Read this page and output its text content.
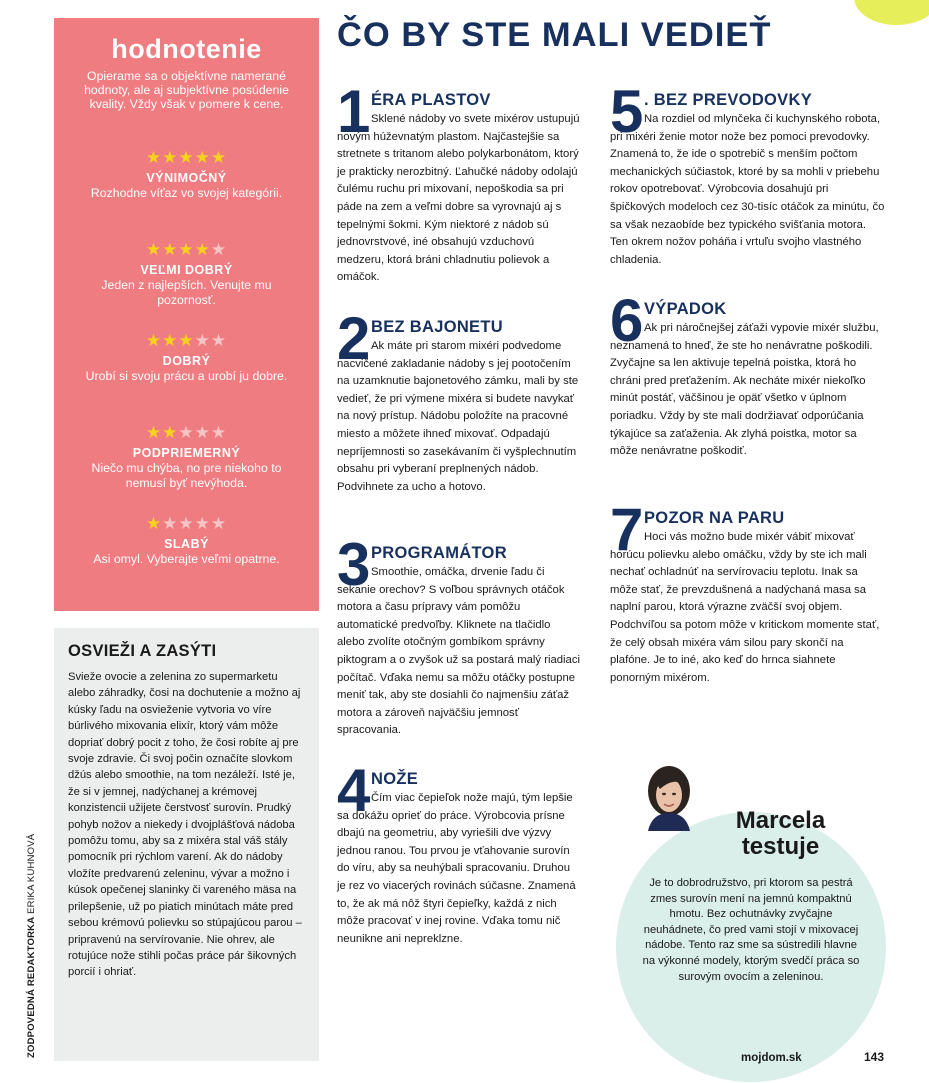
hodnotenie
Opierame sa o objektívne namerané hodnoty, ale aj subjektívne posúdenie kvality. Vždy však v pomere k cene.
★★★★★
VÝNIMOČNÝ
Rozhodne víťaz vo svojej kategórii.
★★★★★
VEĽMI DOBRÝ
Jeden z najlepších. Venujte mu pozornosť.
★★★★★
DOBRÝ
Urobí si svoju prácu a urobí ju dobre.
★★★★★
PODPRIEMERNÝ
Niečo mu chýba, no pre niekoho to nemusí byť nevýhoda.
★★★★★
SLABÝ
Asi omyl. Vyberajte veľmi opatrne.
OSVIEŽI A ZASÝTI

Svieže ovocie a zelenina zo supermarketu alebo záhradky, čosi na dochutenie a možno aj kúsky ľadu na osvieženie vytvoria vo víre búrlivého mixovania elixír, ktorý vám môže dopriať dobrý pocit z toho, že čosi robíte aj pre svoje zdravie. Či svoj počin označíte slovkom džús alebo smoothie, na tom nezáleží. Isté je, že si v jemnej, nadýchanej a krémovej konzistencii užijete čerstvosť surovín. Prudký pohyb nožov a niekedy i dvojplášťová nádoba pomôžu tomu, aby sa z mixéra stal váš stály pomocník pri rýchlom varení. Ak do nádoby vložíte predvarenú zeleninu, vývar a možno i kúsok opečenej slaninky či vareného mäsa na prilepšenie, už po piatich minútach máte pred sebou krémovú polievku so stúpajúcou parou – pripravenú na servírovanie. Nie ohrev, ale rotujúce nože stihli počas práce pár šikovných porcií i ohriať.

ZODPOVEDNÁ REDAKTORKA ERIKA KUHNOVÁ
ČO BY STE MALI VEDIEŤ
1 ÉRA PLASTOV

Sklené nádoby vo svete mixérov ustupujú novým húževnatým plastom. Najčastejšie sa stretnete s tritanom alebo polykarbonátom, ktorý je prakticky nerozbitný. Ľahučké nádoby odolajú čulému ruchu pri mixovaní, nepoškodia sa pri páde na zem a veľmi dobre sa vyrovnajú aj s tepelnými šokmi. Kým niektoré z nádob sú jednovrstvové, iné obsahujú vzduchovú medzeru, ktorá bráni chladnutiu polievok a omáčok.

2 BEZ BAJONETU

Ak máte pri starom mixéri podvedome nacvičené zakladanie nádoby s jej pootočením na uzamknutie bajonetového zámku, mali by ste vedieť, že pri výmene mixéra si budete navykať na nový prístup. Nádobu položíte na pracovné miesto a môžete ihneď mixovať. Odpadajú nepríjemnosti so zasekávaním či vyšplechnutím obsahu pri vyberaní preplnených nádob. Podvihnete za ucho a hotovo.

3 PROGRAMÁTOR

Smoothie, omáčka, drvenie ľadu či sekanie orechov? S voľbou správnych otáčok motora a času prípravy vám pomôžu automatické predvoľby. Kliknete na tlačidlo alebo zvolíte otočným gombíkom správny piktogram a o zvyšok už sa postará malý riadiaci počítač. Vďaka nemu sa môžu otáčky postupne meniť tak, aby ste dosiahli čo najmenšiu záťaž motora a zároveň najväčšiu jemnosť spracovania.

4 NOŽE

Čím viac čepieľok nože majú, tým lepšie sa dokážu oprieť do práce. Výrobcovia prísne dbajú na geometriu, aby vyriešili dve výzvy jednou ranou. Tou prvou je vťahovanie surovín do víru, aby sa neuhýbali spracovaniu. Druhou je rez vo viacerých rovinách súčasne. Znamená to, že ak má nôž štyri čepieľky, každá z nich môže pracovať v inej rovine. Vďaka tomu nič neunikne ani nepreklzne.

5 . BEZ PREVODOVKY

Na rozdiel od mlynčeka či kuchynského robota, pri mixéri ženie motor nože bez pomoci prevodovky. Znamená to, že ide o spotrebič s menším počtom mechanických súčiastok, ktoré by sa mohli v priebehu rokov opotrebovať. Výrobcovia dosahujú pri špičkových modeloch cez 30-tisíc otáčok za minútu, čo sa však nezaobíde bez typického svišťania motora. Ten okrem nožov poháňa i vrtuľu svojho vlastného chladenia.

6 VÝPADOK

Ak pri náročnejšej záťaži vypovie mixér službu, neznamená to hneď, že ste ho nenávratne poškodili. Zvyčajne sa len aktivuje tepelná poistka, ktorá ho chráni pred preťažením. Ak necháte mixér niekoľko minút postáť, väčšinou je opäť všetko v úplnom poriadku. Vždy by ste mali dodržiavať odporúčania týkajúce sa zaťaženia. Ak zlyhá poistka, motor sa môže nenávratne poškodiť.

7 POZOR NA PARU

Hoci vás možno bude mixér vábiť mixovať horúcu polievku alebo omáčku, vždy by ste ich mali nechať ochladnúť na servírovaciu teplotu. Inak sa môže stať, že prevzdušnená a nadýchaná masa sa naplní parou, ktorá výrazne zväčší svoj objem. Podchvíľou sa potom môže v kritickom momente stať, že celý obsah mixéra vám silou pary skončí na plafóne. Je to iné, ako keď do hrnca siahnete ponorným mixérom.

Marcela
testuje
Je to dobrodružstvo, pri ktorom sa pestrá zmes surovín mení na jemnú kompaktnú hmotu. Bez ochutnávky zvyčajne neuhádnete, čo pred vami stojí v mixovacej nádobe. Tento raz sme sa sústredili hlavne na výkonné modely, ktorým svedčí práca so surovým ovocím a zeleninou.
mojdom.sk	143
